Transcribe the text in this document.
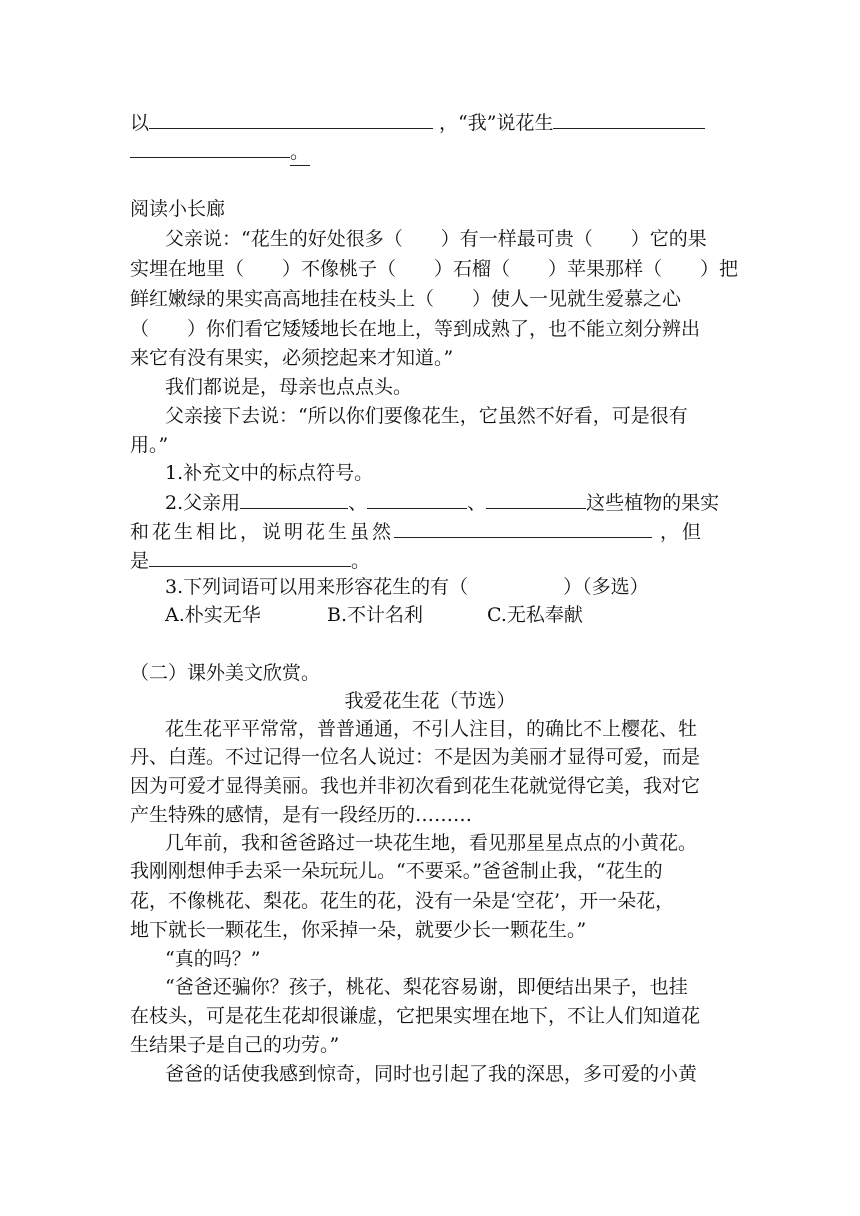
以	，“我”说花生
。
阅读小长廊
父亲说：“花生的好处很多（　　）有一样最可贵（　　）它的果
实埋在地里（　　）不像桃子（　　）石榴（　　）苹果那样（　　）把
鲜红嫩绿的果实高高地挂在枝头上（　　）使人一见就生爱慕之心
（　　）你们看它矮矮地长在地上，等到成熟了，也不能立刻分辨出
来它有没有果实，必须挖起来才知道。”
我们都说是，母亲也点点头。
父亲接下去说：“所以你们要像花生，它虽然不好看，可是很有
用。”
1.补充文中的标点符号。
2.父亲用	、	、	这些植物的果实
和花生相比，说明花生虽然	，但
是	。
3.下列词语可以用来形容花生的有（　　　　　）（多选）
A.朴实无华	B.不计名利	C.无私奉献
（二）课外美文欣赏。
我爱花生花（节选）
花生花平平常常，普普通通，不引人注目，的确比不上樱花、牡
丹、白莲。不过记得一位名人说过：不是因为美丽才显得可爱，而是
因为可爱才显得美丽。我也并非初次看到花生花就觉得它美，我对它
产生特殊的感情，是有一段经历的………
几年前，我和爸爸路过一块花生地，看见那星星点点的小黄花。
我刚刚想伸手去采一朵玩玩儿。“不要采。”爸爸制止我，“花生的
花，不像桃花、梨花。花生的花，没有一朵是‘空花’，开一朵花，
地下就长一颗花生，你采掉一朵，就要少长一颗花生。”
“真的吗？”
“爸爸还骗你？孩子，桃花、梨花容易谢，即便结出果子，也挂
在枝头，可是花生花却很谦虚，它把果实埋在地下，不让人们知道花
生结果子是自己的功劳。”
爸爸的话使我感到惊奇，同时也引起了我的深思，多可爱的小黄
